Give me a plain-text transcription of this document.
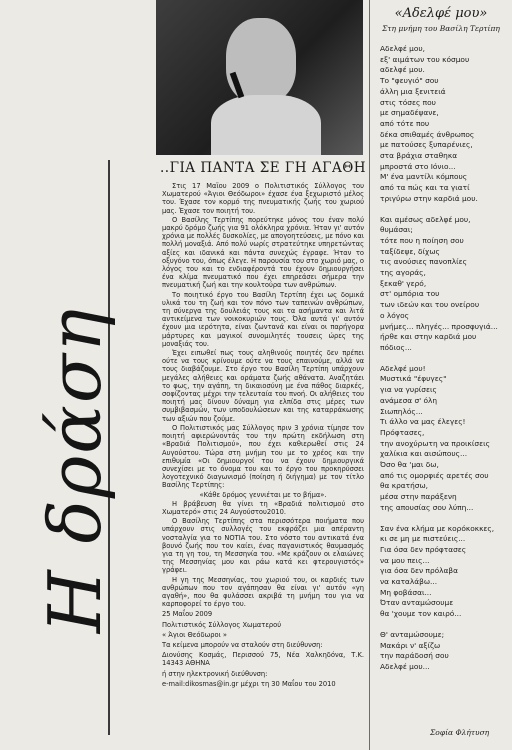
Η δράση
..ΓΙΑ ΠΑΝΤΑ ΣΕ ΓΗ ΑΓΑΘΗ

Στις 17 Μαΐου 2009 ο Πολιτιστικός Σύλλογος του Χωματερού «Άγιοι Θεόδωροι» έχασε ένα ξεχωριστό μέλος του. Έχασε τον κορμό της πνευματικής ζωής του χωριού μας. Έχασε τον ποιητή του.

Ο Βασίλης Τερτίπης πορεύτηκε μόνος του έναν πολύ μακρύ δρόμο ζωής για 91 ολόκληρα χρόνια. Ήταν γι' αυτόν χρόνια με πολλές δυσκολίες, με απογοητεύσεις, με πόνο και πολλή μοναξιά. Από πολύ νωρίς στρατεύτηκε υπηρετώντας αξίες και ιδανικά και πάντα συνεχώς έγραφε. Ήταν το οξυγόνο του, όπως έλεγε. Η παρουσία του στο χωριό μας, ο λόγος του και το ενδιαφέροντά του έχουν δημιουργήσει ένα κλίμα πνευματικό που έχει επηρεάσει σήμερα την πνευματική ζωή και την κουλτούρα των ανθρώπων.

Το ποιητικό έργο του Βασίλη Τερτίπη έχει ως δομικά υλικά του τη ζωή και τον πόνο των ταπεινών ανθρώπων, τη σύνεργα της δουλειάς τους και τα ασήμαντα και λιτά αντικείμενα των νοικοκυριών τους. Όλα αυτά γι' αυτόν έχουν μια ιερότητα, είναι ζωντανά και είναι οι παρήγορα μάρτυρες και μαγικοί συνομιλητές τουσεις ώρες της μοναξιάς του.

Έχει ειπωθεί πως τους αληθινούς ποιητές δεν πρέπει ούτε να τους κρίνουμε ούτε να τους επαινούμε, αλλά να τους διαβάζουμε. Στο έργο του Βασίλη Τερτίπη υπάρχουν μεγάλες αλήθειες και οράματα ζωής αθάνατα. Αναζητάει το φως, την αγάπη, τη δικαιοσύνη με ένα πάθος διαρκές, σοφίζοντας μέχρι την τελευταία του πνοή. Οι αλήθειες του ποιητή μας δίνουν δύναμη για ελπίδα στις μέρες των συμβιβασμών, των υποδουλώσεων και της καταρράκωσης των αξιών που ζούμε.

Ο Πολιτιστικός μας Σύλλογος πριν 3 χρόνια τίμησε τον ποιητή αφιερώνοντάς του την πρώτη εκδήλωση στη «Βραδιά Πολιτισμού», που έχει καθιερωθεί στις 24 Αυγούστου. Τώρα στη μνήμη του με το χρέος και την επιθυμία «Οι δημιουργοί του να έχουν δημιουργικά συνεχίσει με το όνομα του και το έργο του προκηρύσσει λογοτεχνικό διαγωνισμό (ποίηση ή διήγημα) με τον τίτλο Βασίλης Τερτίπης:

«Κάθε δρόμος γεννιέται με το βήμα».

Η βράβευση θα γίνει τη «Βραδιά πολιτισμού στο Χωματερό» στις 24 Αυγούστου2010.

Ο Βασίλης Τερτίπης στα περισσότερα ποιήματα που υπάρχουν στις συλλογές του εκφράζει μια απέραντη νοσταλγία για το ΝΟΤΙΑ του. Στο νόστο του αντικατά ένα βουνό ζωής που τον καίει, ένας παγανιστικός θαυμασμός για τη γη του, τη Μεσσηνία του. «Με κράζουν οι ελαιώνες της Μεσσηνίας μου και ράω κατά κει φτερουγιστός» γράφει.

Η γη της Μεσσηνίας, του χωριού του, οι καρδιές των ανθρώπων που τον αγάπησαν θα είναι γι' αυτόν «γη αγαθή», που θα φυλάσσει ακριβά τη μνήμη του για να καρποφορεί το έργο του.

25 Μαΐου 2009

Πολιτιστικός Σύλλογος Χωματερού

« Άγιοι Θεόδωροι »

Τα κείμενα μπορούν να σταλούν στη διεύθυνση:

Διονύσης Κοσμάς, Περισσού 75, Νέα Χαλκηδόνα, Τ.Κ. 14343 ΑΘΗΝΑ

ή στην ηλεκτρονική διεύθυνση:

e-mail:dikosmas@in.gr μέχρι τη 30 Μαΐου του 2010

«Αδελφέ μου»
Στη μνήμη του Βασίλη Τερτίπη
Αδελφέ μου,
εξ' αιμάτων του κόσμου
αδελφέ μου.
Το "φευγιό" σου
άλλη μια ξενιτειά
στις τόσες που
με σημαδέψανε,
από τότε που
δέκα σπιθαμές άνθρωπος
με πατούσες ξυπαρένιες,
στα βράχια σταθηκα
μπροστά στο Ιόνιο...
Μ' ένα μαντίλι κόμπους
από τα πώς και τα γιατί
τριγύρω στην καρδιά μου.
Και αμέσως αδελφέ μου,
θυμάσαι;
τότε που η ποίηση σου
ταξίδεψε, δίχως
τις ανούσιες πανοπλίες
της αγοράς,
ξεκαθ' γερό,
στ' ομπόρια του
των ιδεών και του ονείρου
ο λόγος
μνήμες... πληγές... προσφυγιά...
ήρθε και στην καρδιά μου
πόδιος...
Αδελφέ μου!
Μυστικά "έφυγες"
για να γυρίσεις
ανάμεσα σ' όλη
Σιωπηλός...
Τι άλλο να μας έλεγες!
Πρόφτασες,
την ανοχύρωτη να προικίσεις
χαλίκια και αισώπους...
Όσο θα 'μαι δω,
από τις ομορφιές αρετές σου
θα κρατήσω,
μέσα στην παράξενη
της απουσίας σου λύπη...
Σαν ένα κλήμα με κορόκοκκες,
κι σε μη με πιστεύεις...
Για όσα δεν πρόφτασες
να μου πεις...
για όσα δεν πρόλαβα
να καταλάβω...
Μη φοβάσαι...
Όταν ανταμώσουμε
θα 'χουμε τον καιρό...
Θ' ανταμώσουμε;
Μακάρι ν' αξίζω
την παράδοσή σου
Αδελφέ μου...
Σοφία Φλήτυση
